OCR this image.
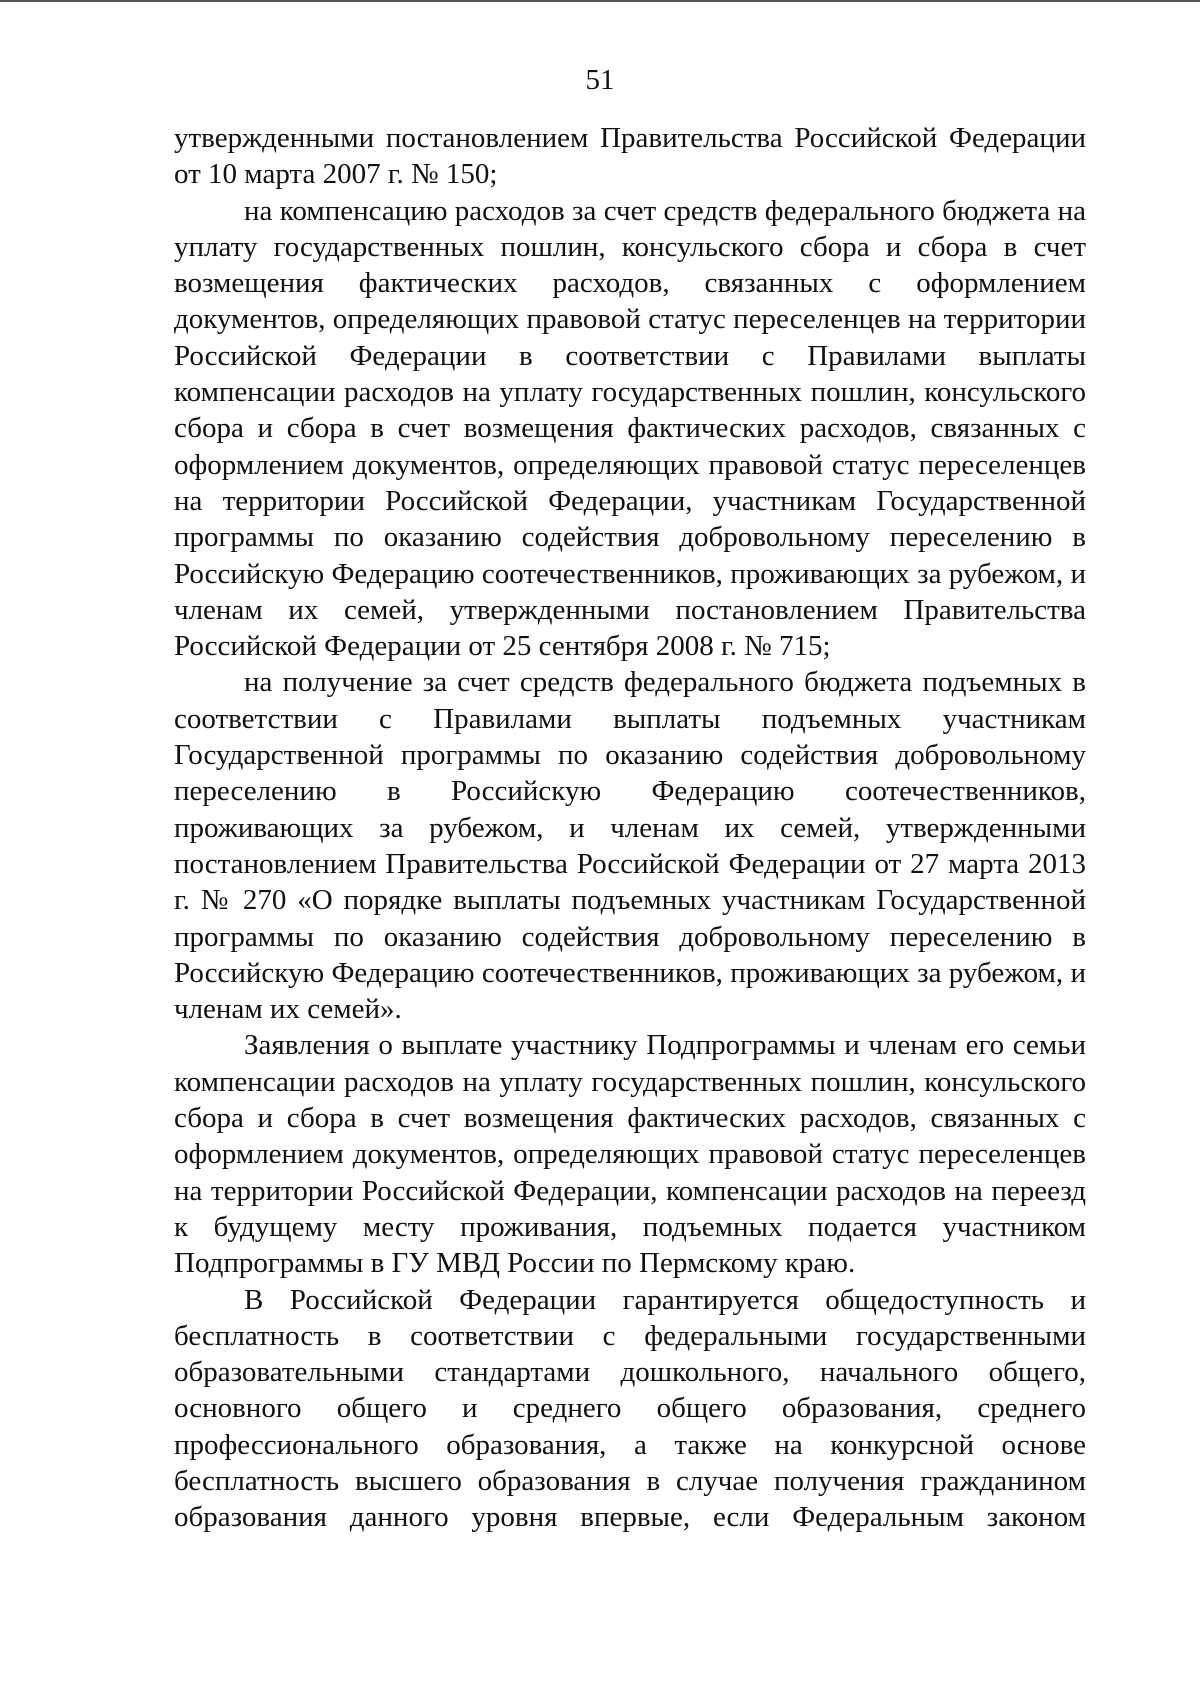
51

утвержденными постановлением Правительства Российской Федерации от 10 марта 2007 г. № 150;

на компенсацию расходов за счет средств федерального бюджета на уплату государственных пошлин, консульского сбора и сбора в счет возмещения фактических расходов, связанных с оформлением документов, определяющих правовой статус переселенцев на территории Российской Федерации в соответствии с Правилами выплаты компенсации расходов на уплату государственных пошлин, консульского сбора и сбора в счет возмещения фактических расходов, связанных с оформлением документов, определяющих правовой статус переселенцев на территории Российской Федерации, участникам Государственной программы по оказанию содействия добровольному переселению в Российскую Федерацию соотечественников, проживающих за рубежом, и членам их семей, утвержденными постановлением Правительства Российской Федерации от 25 сентября 2008 г. № 715;

на получение за счет средств федерального бюджета подъемных в соответствии с Правилами выплаты подъемных участникам Государственной программы по оказанию содействия добровольному переселению в Российскую Федерацию соотечественников, проживающих за рубежом, и членам их семей, утвержденными постановлением Правительства Российской Федерации от 27 марта 2013 г. № 270 «О порядке выплаты подъемных участникам Государственной программы по оказанию содействия добровольному переселению в Российскую Федерацию соотечественников, проживающих за рубежом, и членам их семей».

Заявления о выплате участнику Подпрограммы и членам его семьи компенсации расходов на уплату государственных пошлин, консульского сбора и сбора в счет возмещения фактических расходов, связанных с оформлением документов, определяющих правовой статус переселенцев на территории Российской Федерации, компенсации расходов на переезд к будущему месту проживания, подъемных подается участником Подпрограммы в ГУ МВД России по Пермскому краю.

В Российской Федерации гарантируется общедоступность и бесплатность в соответствии с федеральными государственными образовательными стандартами дошкольного, начального общего, основного общего и среднего общего образования, среднего профессионального образования, а также на конкурсной основе бесплатность высшего образования в случае получения гражданином образования данного уровня впервые, если Федеральным законом
